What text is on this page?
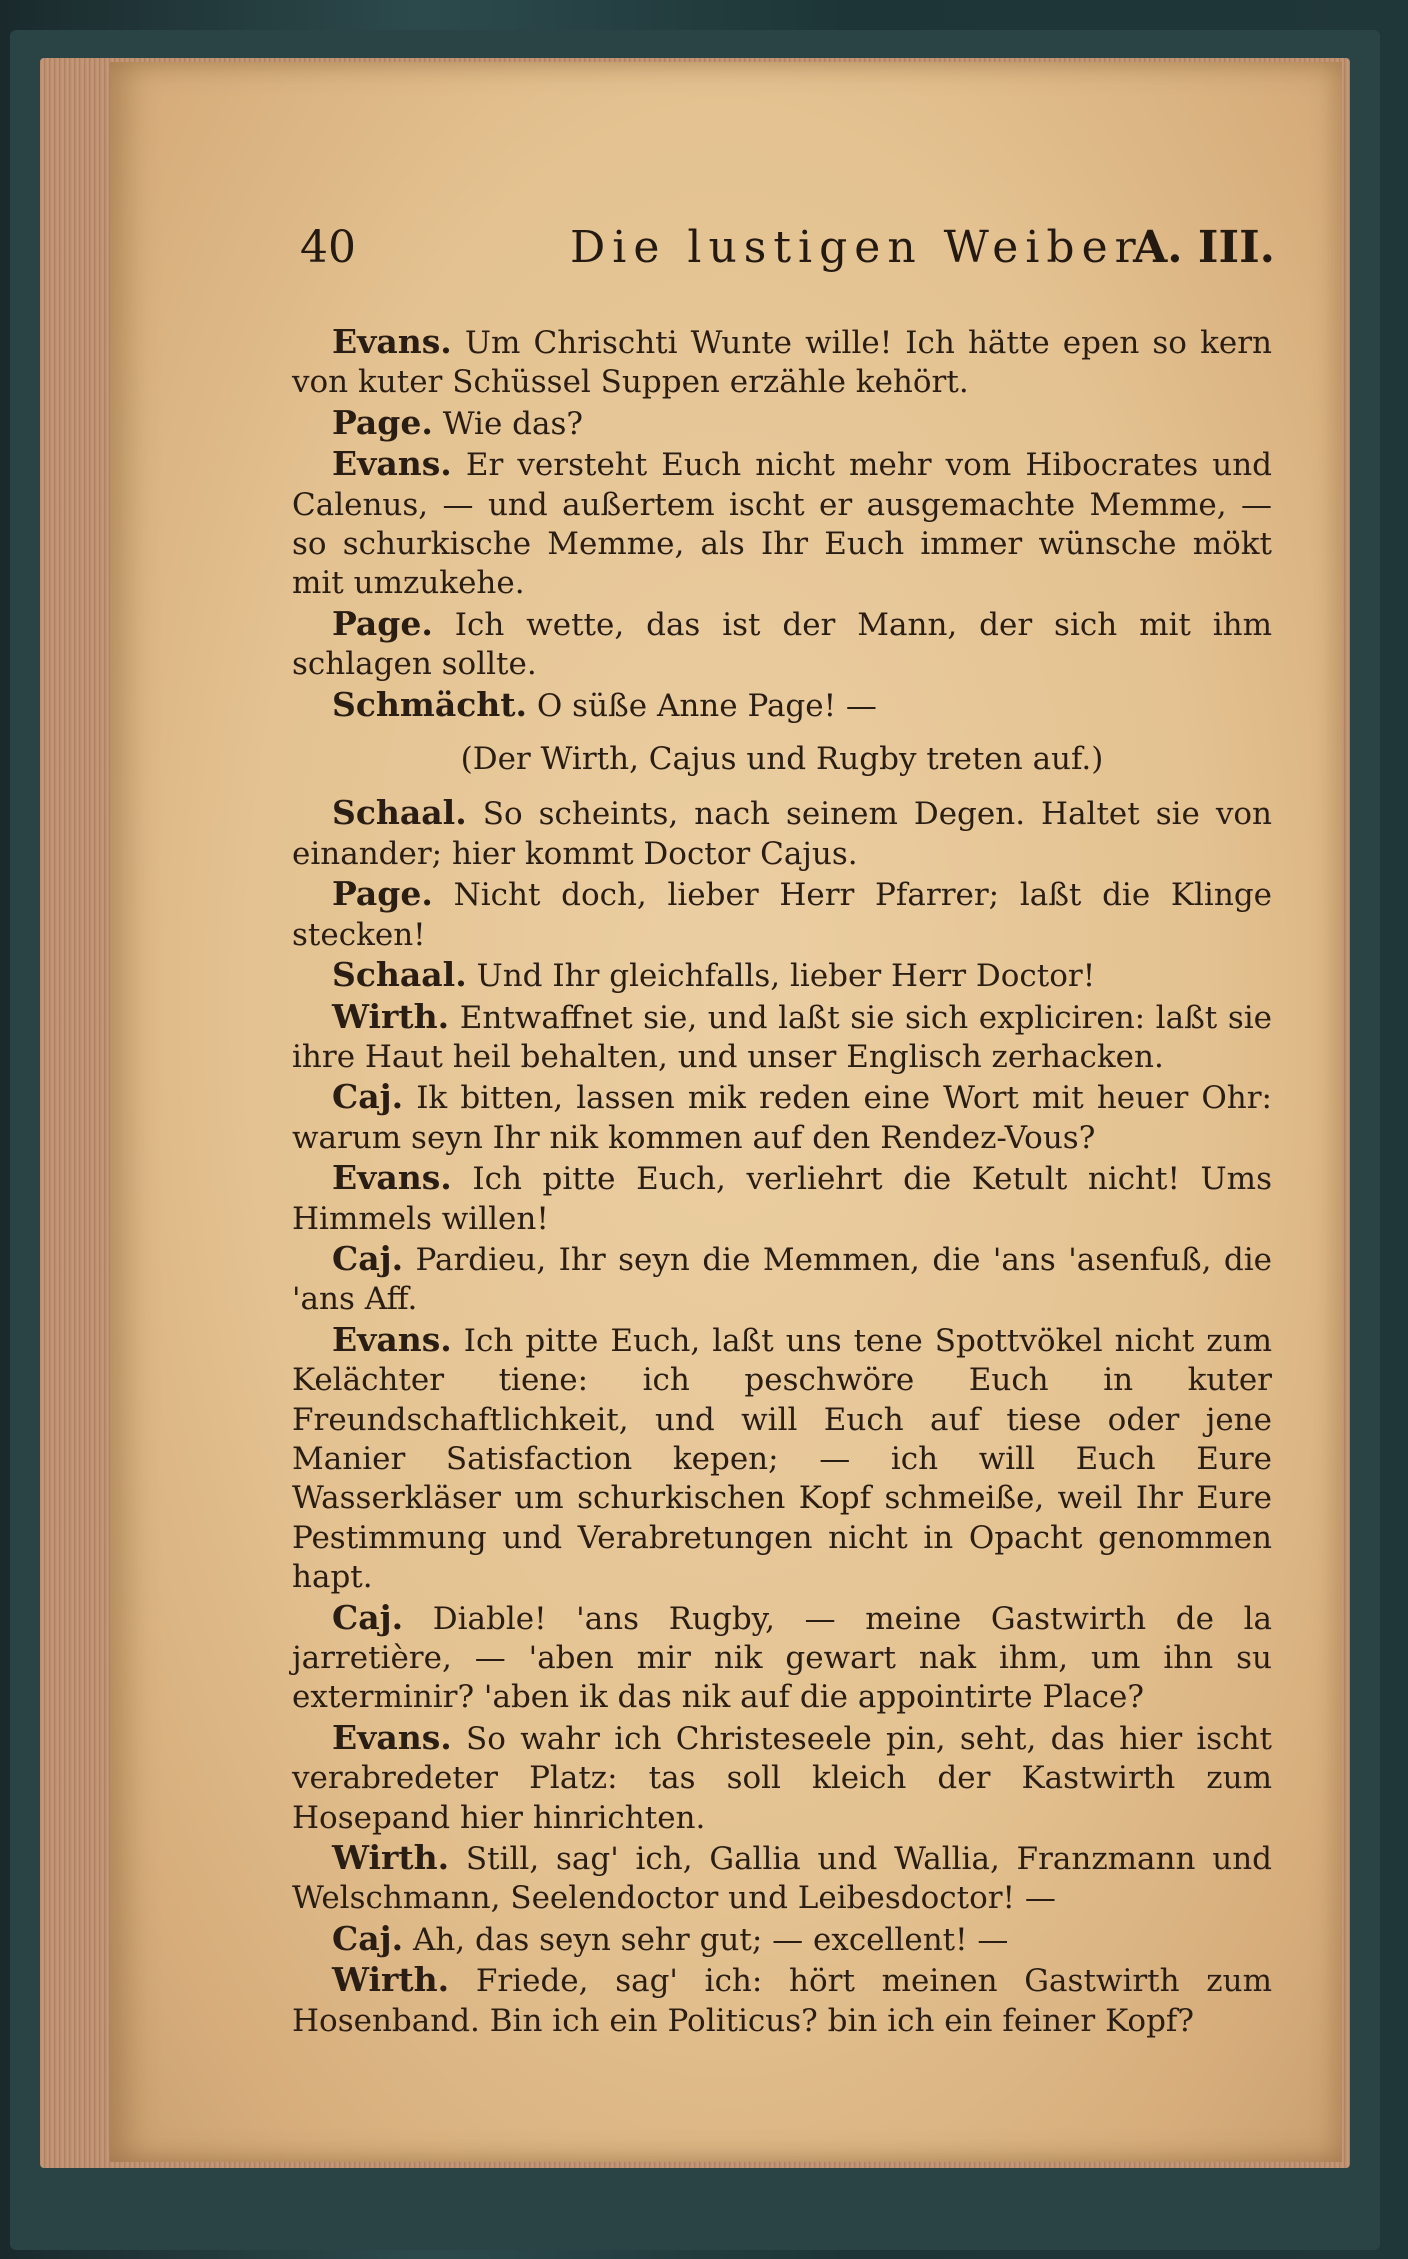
40	Die lustigen Weiber
A. III.

Evans. Um Chrischti Wunte wille! Ich hätte epen so kern von kuter Schüssel Suppen erzähle kehört.

Page. Wie das?

Evans. Er versteht Euch nicht mehr vom Hibocrates und Calenus, — und außertem ischt er ausgemachte Memme, — so schurkische Memme, als Ihr Euch immer wünsche mökt mit umzukehe.

Page. Ich wette, das ist der Mann, der sich mit ihm schlagen sollte.

Schmächt. O süße Anne Page! —

(Der Wirth, Cajus und Rugby treten auf.)

Schaal. So scheints, nach seinem Degen. Haltet sie von einander; hier kommt Doctor Cajus.

Page. Nicht doch, lieber Herr Pfarrer; laßt die Klinge stecken!

Schaal. Und Ihr gleichfalls, lieber Herr Doctor!

Wirth. Entwaffnet sie, und laßt sie sich expliciren: laßt sie ihre Haut heil behalten, und unser Englisch zerhacken.

Caj. Ik bitten, lassen mik reden eine Wort mit heuer Ohr: warum seyn Ihr nik kommen auf den Rendez-Vous?

Evans. Ich pitte Euch, verliehrt die Ketult nicht! Ums Himmels willen!

Caj. Pardieu, Ihr seyn die Memmen, die 'ans 'asenfuß, die 'ans Aff.

Evans. Ich pitte Euch, laßt uns tene Spottvökel nicht zum Kelächter tiene: ich peschwöre Euch in kuter Freundschaftlichkeit, und will Euch auf tiese oder jene Manier Satisfaction kepen; — ich will Euch Eure Wasserkläser um schurkischen Kopf schmeiße, weil Ihr Eure Pestimmung und Verabretungen nicht in Opacht genommen hapt.

Caj. Diable! 'ans Rugby, — meine Gastwirth de la jarretière, — 'aben mir nik gewart nak ihm, um ihn su exterminir? 'aben ik das nik auf die appointirte Place?

Evans. So wahr ich Christeseele pin, seht, das hier ischt verabredeter Platz: tas soll kleich der Kastwirth zum Hosepand hier hinrichten.

Wirth. Still, sag' ich, Gallia und Wallia, Franzmann und Welschmann, Seelendoctor und Leibesdoctor! —

Caj. Ah, das seyn sehr gut; — excellent! —

Wirth. Friede, sag' ich: hört meinen Gastwirth zum Hosenband. Bin ich ein Politicus? bin ich ein feiner Kopf?
